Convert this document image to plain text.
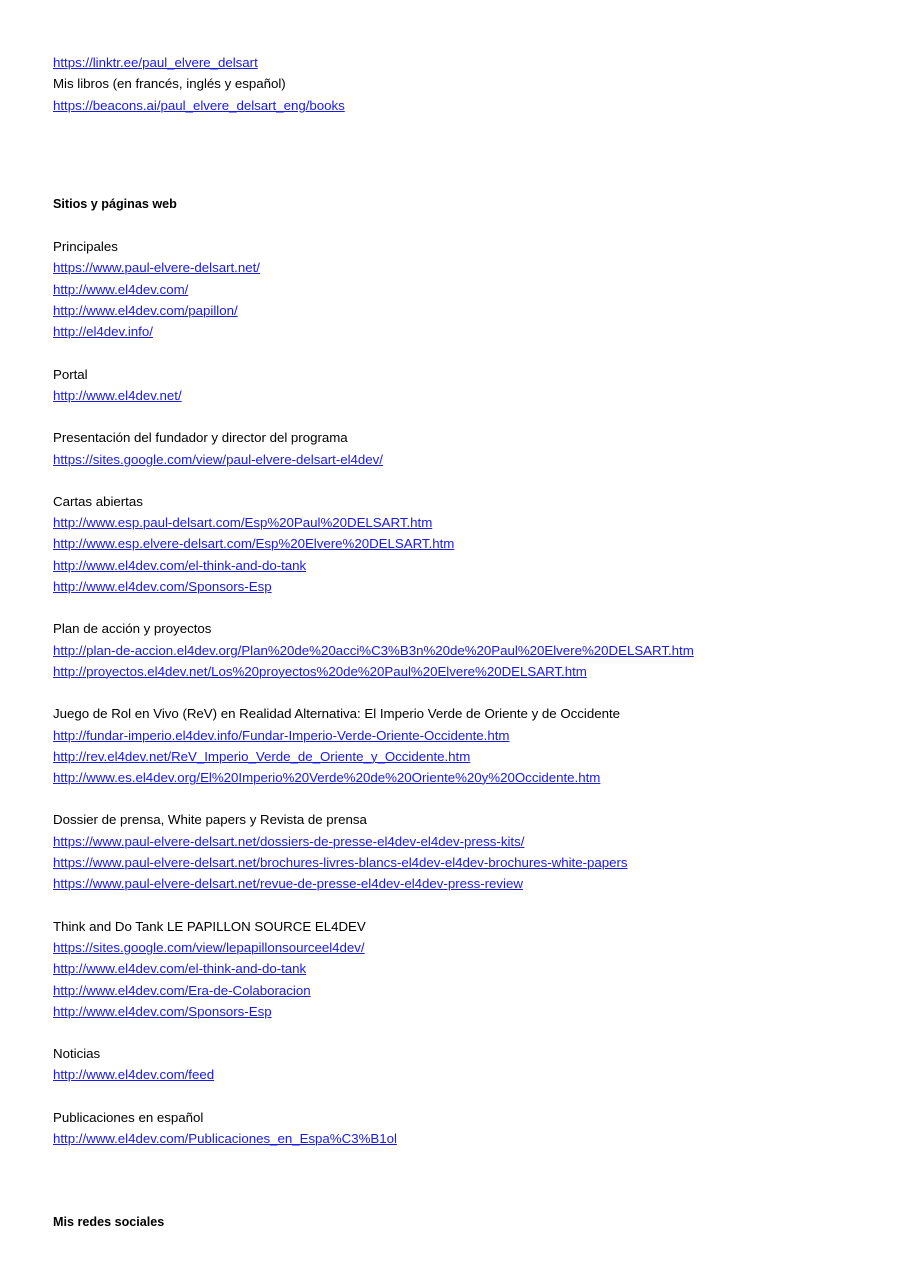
https://linktr.ee/paul_elvere_delsart
Mis libros (en francés, inglés y español)
https://beacons.ai/paul_elvere_delsart_eng/books
Sitios y páginas web
Principales
https://www.paul-elvere-delsart.net/
http://www.el4dev.com/
http://www.el4dev.com/papillon/
http://el4dev.info/
Portal
http://www.el4dev.net/
Presentación del fundador y director del programa
https://sites.google.com/view/paul-elvere-delsart-el4dev/
Cartas abiertas
http://www.esp.paul-delsart.com/Esp%20Paul%20DELSART.htm
http://www.esp.elvere-delsart.com/Esp%20Elvere%20DELSART.htm
http://www.el4dev.com/el-think-and-do-tank
http://www.el4dev.com/Sponsors-Esp
Plan de acción y proyectos
http://plan-de-accion.el4dev.org/Plan%20de%20acci%C3%B3n%20de%20Paul%20Elvere%20DELSART.htm
http://proyectos.el4dev.net/Los%20proyectos%20de%20Paul%20Elvere%20DELSART.htm
Juego de Rol en Vivo (ReV) en Realidad Alternativa: El Imperio Verde de Oriente y de Occidente
http://fundar-imperio.el4dev.info/Fundar-Imperio-Verde-Oriente-Occidente.htm
http://rev.el4dev.net/ReV_Imperio_Verde_de_Oriente_y_Occidente.htm
http://www.es.el4dev.org/El%20Imperio%20Verde%20de%20Oriente%20y%20Occidente.htm
Dossier de prensa, White papers y Revista de prensa
https://www.paul-elvere-delsart.net/dossiers-de-presse-el4dev-el4dev-press-kits/
https://www.paul-elvere-delsart.net/brochures-livres-blancs-el4dev-el4dev-brochures-white-papers
https://www.paul-elvere-delsart.net/revue-de-presse-el4dev-el4dev-press-review
Think and Do Tank LE PAPILLON SOURCE EL4DEV
https://sites.google.com/view/lepapillonsourceel4dev/
http://www.el4dev.com/el-think-and-do-tank
http://www.el4dev.com/Era-de-Colaboracion
http://www.el4dev.com/Sponsors-Esp
Noticias
http://www.el4dev.com/feed
Publicaciones en español
http://www.el4dev.com/Publicaciones_en_Espa%C3%B1ol
Mis redes sociales
